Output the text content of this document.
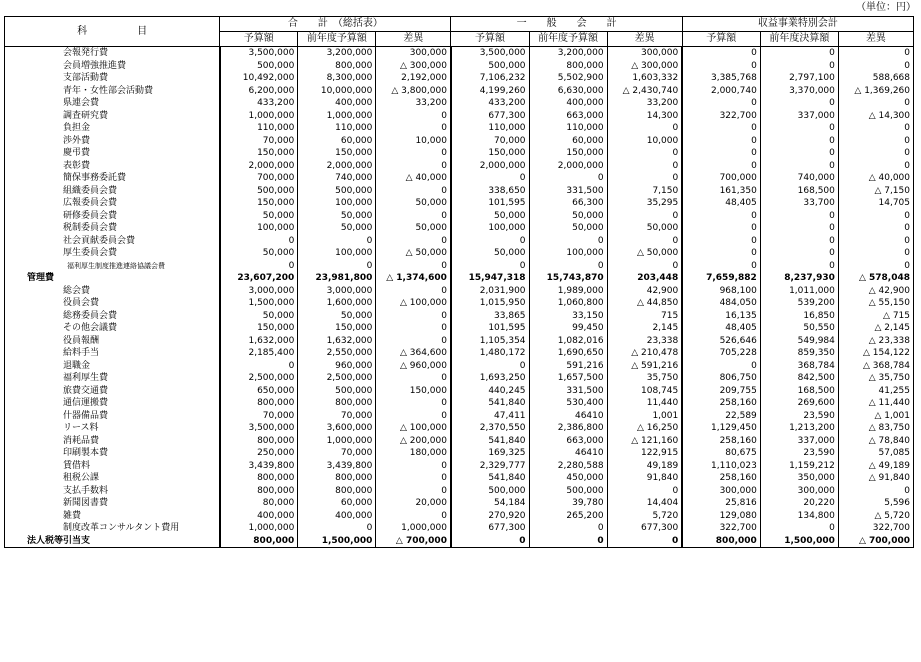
（単位：円）
科　　　　　目	合　　計　（総括表）			一　　般　　会　　計			収益事業特別会計		
	予算額	前年度予算額	差異	予算額	前年度予算額	差異	予算額	前年度決算額	差異
会報発行費	3,500,000	3,200,000	300,000	3,500,000	3,200,000	300,000	0	0	0
会員増強推進費	500,000	800,000	△ 300,000	500,000	800,000	△ 300,000	0	0	0
支部活動費	10,492,000	8,300,000	2,192,000	7,106,232	5,502,900	1,603,332	3,385,768	2,797,100	588,668
青年・女性部会活動費	6,200,000	10,000,000	△ 3,800,000	4,199,260	6,630,000	△ 2,430,740	2,000,740	3,370,000	△ 1,369,260
県連会費	433,200	400,000	33,200	433,200	400,000	33,200	0	0	0
調査研究費	1,000,000	1,000,000	0	677,300	663,000	14,300	322,700	337,000	△ 14,300
負担金	110,000	110,000	0	110,000	110,000	0	0	0	0
渉外費	70,000	60,000	10,000	70,000	60,000	10,000	0	0	0
慶弔費	150,000	150,000	0	150,000	150,000	0	0	0	0
表彰費	2,000,000	2,000,000	0	2,000,000	2,000,000	0	0	0	0
簡保事務委託費	700,000	740,000	△ 40,000	0	0	0	700,000	740,000	△ 40,000
組織委員会費	500,000	500,000	0	338,650	331,500	7,150	161,350	168,500	△ 7,150
広報委員会費	150,000	100,000	50,000	101,595	66,300	35,295	48,405	33,700	14,705
研修委員会費	50,000	50,000	0	50,000	50,000	0	0	0	0
税制委員会費	100,000	50,000	50,000	100,000	50,000	50,000	0	0	0
社会貢献委員会費	0	0	0	0	0	0	0	0	0
厚生委員会費	50,000	100,000	△ 50,000	50,000	100,000	△ 50,000	0	0	0
福利厚生制度推進連絡協議会費	0	0	0	0	0	0	0	0	0
管理費	23,607,200	23,981,800	△ 1,374,600	15,947,318	15,743,870	203,448	7,659,882	8,237,930	△ 578,048
総会費	3,000,000	3,000,000	0	2,031,900	1,989,000	42,900	968,100	1,011,000	△ 42,900
役員会費	1,500,000	1,600,000	△ 100,000	1,015,950	1,060,800	△ 44,850	484,050	539,200	△ 55,150
総務委員会費	50,000	50,000	0	33,865	33,150	715	16,135	16,850	△ 715
その他会議費	150,000	150,000	0	101,595	99,450	2,145	48,405	50,550	△ 2,145
役員報酬	1,632,000	1,632,000	0	1,105,354	1,082,016	23,338	526,646	549,984	△ 23,338
給料手当	2,185,400	2,550,000	△ 364,600	1,480,172	1,690,650	△ 210,478	705,228	859,350	△ 154,122
退職金	0	960,000	△ 960,000	0	591,216	△ 591,216	0	368,784	△ 368,784
福利厚生費	2,500,000	2,500,000	0	1,693,250	1,657,500	35,750	806,750	842,500	△ 35,750
旅費交通費	650,000	500,000	150,000	440,245	331,500	108,745	209,755	168,500	41,255
通信運搬費	800,000	800,000	0	541,840	530,400	11,440	258,160	269,600	△ 11,440
什器備品費	70,000	70,000	0	47,411	46410	1,001	22,589	23,590	△ 1,001
リース料	3,500,000	3,600,000	△ 100,000	2,370,550	2,386,800	△ 16,250	1,129,450	1,213,200	△ 83,750
消耗品費	800,000	1,000,000	△ 200,000	541,840	663,000	△ 121,160	258,160	337,000	△ 78,840
印刷製本費	250,000	70,000	180,000	169,325	46410	122,915	80,675	23,590	57,085
賃借料	3,439,800	3,439,800	0	2,329,777	2,280,588	49,189	1,110,023	1,159,212	△ 49,189
租税公課	800,000	800,000	0	541,840	450,000	91,840	258,160	350,000	△ 91,840
支払手数料	800,000	800,000	0	500,000	500,000	0	300,000	300,000	0
新聞図書費	80,000	60,000	20,000	54,184	39,780	14,404	25,816	20,220	5,596
雑費	400,000	400,000	0	270,920	265,200	5,720	129,080	134,800	△ 5,720
制度改革コンサルタント費用	1,000,000	0	1,000,000	677,300	0	677,300	322,700	0	322,700
法人税等引当支	800,000	1,500,000	△ 700,000	0	0	0	800,000	1,500,000	△ 700,000
